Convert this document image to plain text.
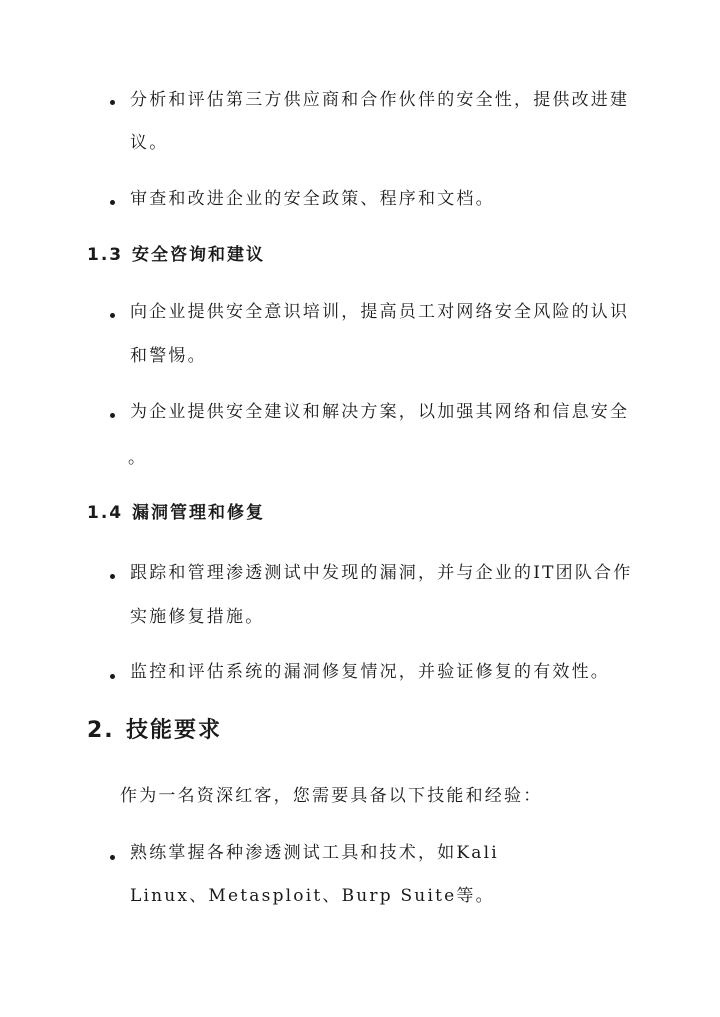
分析和评估第三方供应商和合作伙伴的安全性，提供改进建
议。
审查和改进企业的安全政策、程序和文档。
1.3 安全咨询和建议
向企业提供安全意识培训，提高员工对网络安全风险的认识
和警惕。
为企业提供安全建议和解决方案，以加强其网络和信息安全
。
1.4 漏洞管理和修复
跟踪和管理渗透测试中发现的漏洞，并与企业的IT团队合作
实施修复措施。
监控和评估系统的漏洞修复情况，并验证修复的有效性。
2. 技能要求
作为一名资深红客，您需要具备以下技能和经验：
熟练掌握各种渗透测试工具和技术，如Kali
Linux、Metasploit、Burp Suite等。
